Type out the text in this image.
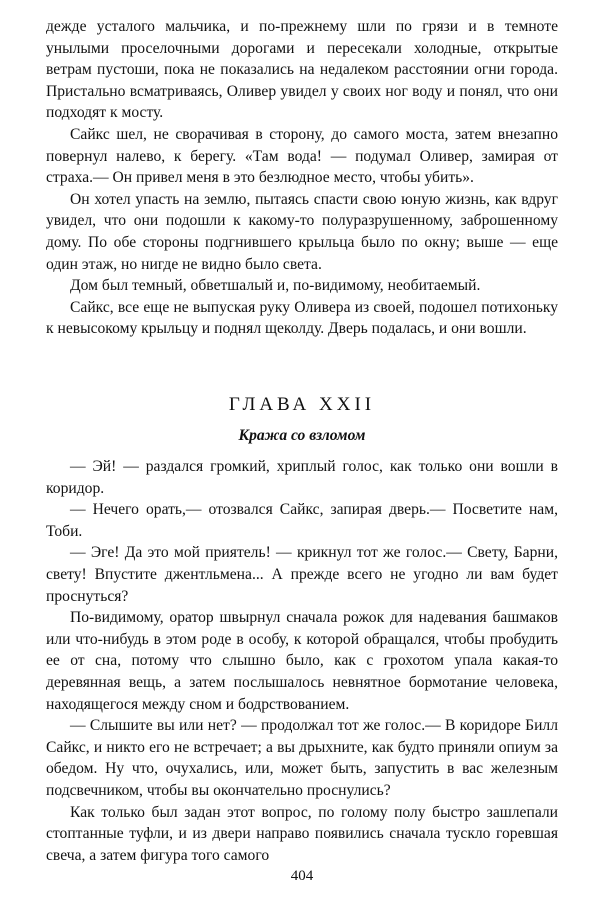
дежде усталого мальчика, и по-прежнему шли по грязи и в темноте унылыми проселочными дорогами и пересекали холодные, открытые ветрам пустоши, пока не показались на недалеком расстоянии огни города. Пристально всматриваясь, Оливер увидел у своих ног воду и понял, что они подходят к мосту.

Сайкс шел, не сворачивая в сторону, до самого моста, затем внезапно повернул налево, к берегу. «Там вода! — подумал Оливер, замирая от страха.— Он привел меня в это безлюдное место, чтобы убить».

Он хотел упасть на землю, пытаясь спасти свою юную жизнь, как вдруг увидел, что они подошли к какому-то полуразрушенному, заброшенному дому. По обе стороны подгнившего крыльца было по окну; выше — еще один этаж, но нигде не видно было света.

Дом был темный, обветшалый и, по-видимому, необитаемый.

Сайкс, все еще не выпуская руку Оливера из своей, подошел потихоньку к невысокому крыльцу и поднял щеколду. Дверь подалась, и они вошли.

ГЛАВА XXII
Кража со взломом

— Эй! — раздался громкий, хриплый голос, как только они вошли в коридор.

— Нечего орать,— отозвался Сайкс, запирая дверь.— Посветите нам, Тоби.

— Эге! Да это мой приятель! — крикнул тот же голос.— Свету, Барни, свету! Впустите джентльмена... А прежде всего не угодно ли вам будет проснуться?

По-видимому, оратор швырнул сначала рожок для надевания башмаков или что-нибудь в этом роде в особу, к которой обращался, чтобы пробудить ее от сна, потому что слышно было, как с грохотом упала какая-то деревянная вещь, а затем послышалось невнятное бормотание человека, находящегося между сном и бодрствованием.

— Слышите вы или нет? — продолжал тот же голос.— В коридоре Билл Сайкс, и никто его не встречает; а вы дрыхните, как будто приняли опиум за обедом. Ну что, очухались, или, может быть, запустить в вас железным подсвечником, чтобы вы окончательно проснулись?

Как только был задан этот вопрос, по голому полу быстро зашлепали стоптанные туфли, и из двери направо появились сначала тускло горевшая свеча, а затем фигура того самого

404
